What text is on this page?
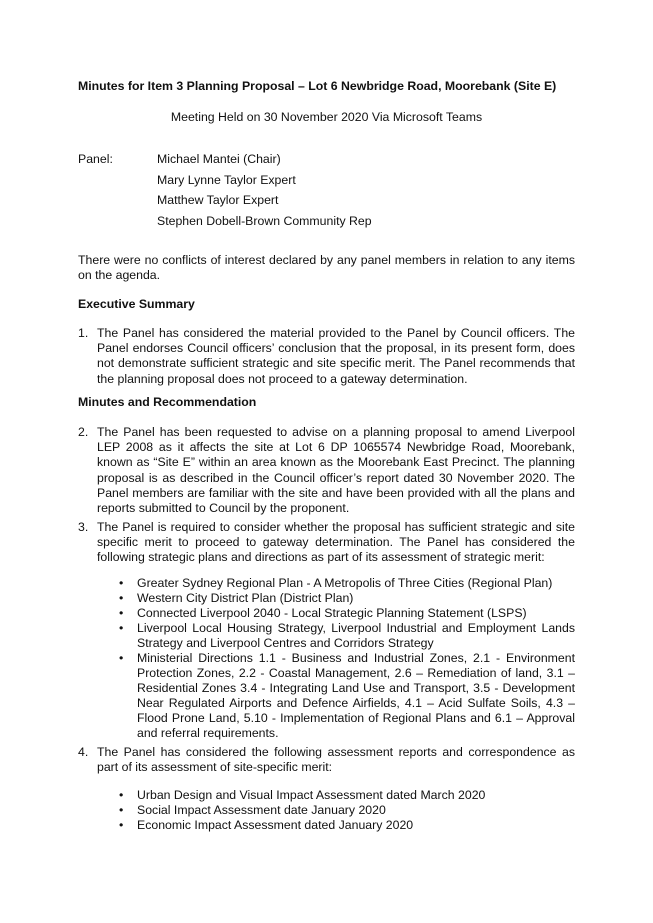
Minutes for Item 3 Planning Proposal – Lot 6 Newbridge Road, Moorebank (Site E)
Meeting Held on 30 November 2020 Via Microsoft Teams
Panel:	Michael Mantei (Chair)
Mary Lynne Taylor Expert
Matthew Taylor Expert
Stephen Dobell-Brown Community Rep
There were no conflicts of interest declared by any panel members in relation to any items on the agenda.
Executive Summary
1. The Panel has considered the material provided to the Panel by Council officers. The Panel endorses Council officers’ conclusion that the proposal, in its present form, does not demonstrate sufficient strategic and site specific merit. The Panel recommends that the planning proposal does not proceed to a gateway determination.
Minutes and Recommendation
2. The Panel has been requested to advise on a planning proposal to amend Liverpool LEP 2008 as it affects the site at Lot 6 DP 1065574 Newbridge Road, Moorebank, known as “Site E” within an area known as the Moorebank East Precinct. The planning proposal is as described in the Council officer’s report dated 30 November 2020. The Panel members are familiar with the site and have been provided with all the plans and reports submitted to Council by the proponent.
3. The Panel is required to consider whether the proposal has sufficient strategic and site specific merit to proceed to gateway determination. The Panel has considered the following strategic plans and directions as part of its assessment of strategic merit:
• Greater Sydney Regional Plan - A Metropolis of Three Cities (Regional Plan)
• Western City District Plan (District Plan)
• Connected Liverpool 2040 - Local Strategic Planning Statement (LSPS)
• Liverpool Local Housing Strategy, Liverpool Industrial and Employment Lands Strategy and Liverpool Centres and Corridors Strategy
• Ministerial Directions 1.1 - Business and Industrial Zones, 2.1 - Environment Protection Zones, 2.2 - Coastal Management, 2.6 – Remediation of land, 3.1 – Residential Zones 3.4 - Integrating Land Use and Transport, 3.5 - Development Near Regulated Airports and Defence Airfields, 4.1 – Acid Sulfate Soils, 4.3 – Flood Prone Land, 5.10 - Implementation of Regional Plans and 6.1 – Approval and referral requirements.
4. The Panel has considered the following assessment reports and correspondence as part of its assessment of site-specific merit:
• Urban Design and Visual Impact Assessment dated March 2020
• Social Impact Assessment date January 2020
• Economic Impact Assessment dated January 2020
